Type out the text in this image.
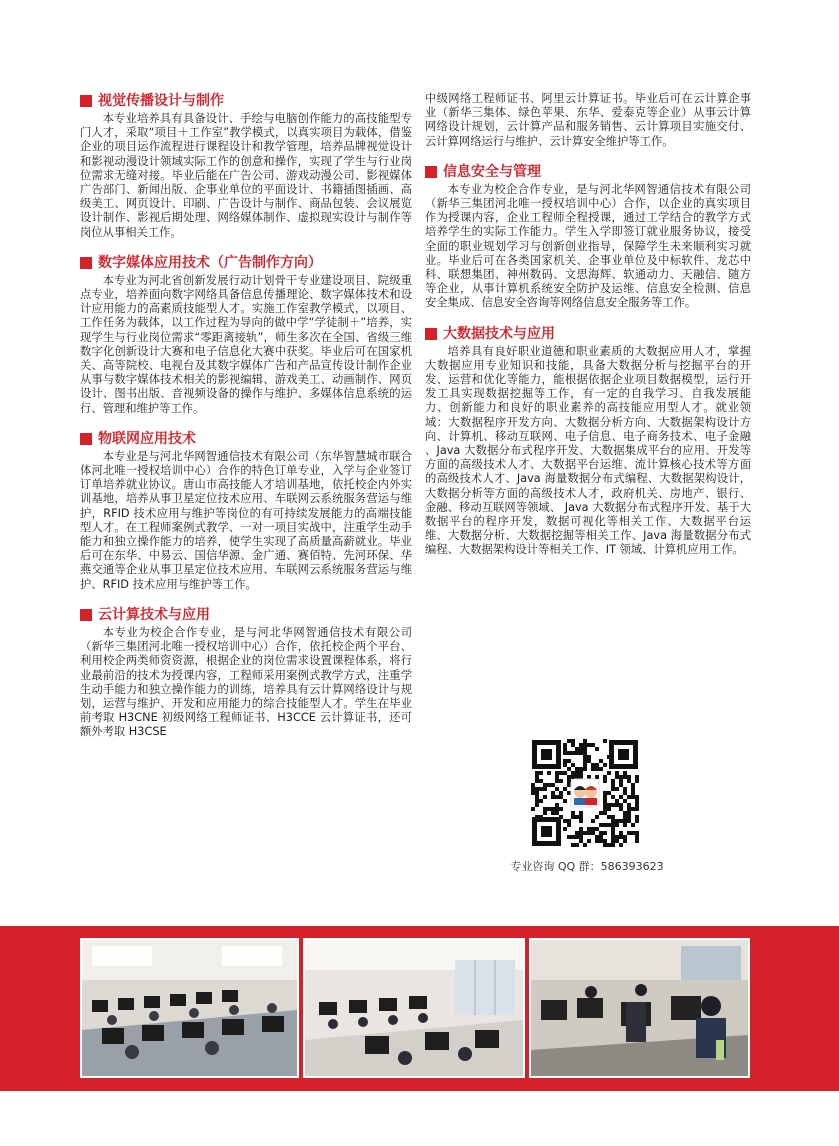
视觉传播设计与制作

本专业培养具有具备设计、手绘与电脑创作能力的高技能型专门人才，采取“项目＋工作室”教学模式，以真实项目为载体，借鉴企业的项目运作流程进行课程设计和教学管理，培养品牌视觉设计和影视动漫设计领域实际工作的创意和操作，实现了学生与行业岗位需求无缝对接。毕业后能在广告公司、游戏动漫公司、影视媒体广告部门、新闻出版、企事业单位的平面设计、书籍插图插画、高级美工、网页设计、印刷、广告设计与制作、商品包装、会议展览设计制作、影视后期处理、网络媒体制作、虚拟现实设计与制作等岗位从事相关工作。

数字媒体应用技术（广告制作方向）

本专业为河北省创新发展行动计划骨干专业建设项目、院级重点专业，培养面向数字网络具备信息传播理论、数字媒体技术和设计应用能力的高素质技能型人才。实施工作室教学模式，以项目、工作任务为载体，以工作过程为导向的做中学“学徒制＋”培养，实现学生与行业岗位需求“零距离接轨”，师生多次在全国、省级三维数字化创新设计大赛和电子信息化大赛中获奖。毕业后可在国家机关、高等院校、电视台及其数字媒体广告和产品宣传设计制作企业从事与数字媒体技术相关的影视编辑、游戏美工、动画制作、网页设计、图书出版、音视频设备的操作与维护、多媒体信息系统的运行、管理和维护等工作。

物联网应用技术

本专业是与河北华网智通信技术有限公司（东华智慧城市联合体河北唯一授权培训中心）合作的特色订单专业，入学与企业签订订单培养就业协议。唐山市高技能人才培训基地，依托校企内外实训基地，培养从事卫星定位技术应用、车联网云系统服务营运与维护，RFID 技术应用与维护等岗位的有可持续发展能力的高端技能型人才。在工程师案例式教学、一对一项目实战中，注重学生动手能力和独立操作能力的培养，使学生实现了高质量高薪就业。毕业后可在东华、中易云、国信华源、金广通、赛佰特、先河环保、华燕交通等企业从事卫星定位技术应用、车联网云系统服务营运与维护、RFID 技术应用与维护等工作。

云计算技术与应用

本专业为校企合作专业，是与河北华网智通信技术有限公司（新华三集团河北唯一授权培训中心）合作，依托校企两个平台、利用校企两类师资资源，根据企业的岗位需求设置课程体系，将行业最前沿的技术为授课内容，工程师采用案例式教学方式，注重学生动手能力和独立操作能力的训练，培养具有云计算网络设计与规划，运营与维护、开发和应用能力的综合技能型人才。学生在毕业前考取 H3CNE 初级网络工程师证书、H3CCE 云计算证书，还可额外考取 H3CSE

中级网络工程师证书、阿里云计算证书。毕业后可在云计算企事业（新华三集体、绿色苹果、东华、爱泰克等企业）从事云计算网络设计规划，云计算产品和服务销售、云计算项目实施交付、云计算网络运行与维护、云计算安全维护等工作。

信息安全与管理

本专业为校企合作专业，是与河北华网智通信技术有限公司（新华三集团河北唯一授权培训中心）合作，以企业的真实项目作为授课内容，企业工程师全程授课，通过工学结合的教学方式培养学生的实际工作能力。学生入学即签订就业服务协议，接受全面的职业规划学习与创新创业指导，保障学生未来顺利实习就业。毕业后可在各类国家机关、企事业单位及中标软件、龙芯中科、联想集团、神州数码、文思海辉、软通动力、天融信、随方等企业，从事计算机系统安全防护及运维、信息安全检测、信息安全集成、信息安全咨询等网络信息安全服务等工作。

大数据技术与应用

培养具有良好职业道德和职业素质的大数据应用人才，掌握大数据应用专业知识和技能，具备大数据分析与挖掘平台的开发、运营和优化等能力，能根据依据企业项目数据模型，运行开发工具实现数据挖掘等工作，有一定的自我学习、自我发展能力、创新能力和良好的职业素养的高技能应用型人才。就业领域：大数据程序开发方向、大数据分析方向、大数据架构设计方向、计算机、移动互联网、电子信息、电子商务技术、电子金融 、Java 大数据分布式程序开发、大数据集成平台的应用、开发等方面的高级技术人才、大数据平台运维、流计算核心技术等方面的高级技术人才、Java 海量数据分布式编程、大数据架构设计，大数据分析等方面的高级技术人才，政府机关、房地产、银行、金融、移动互联网等领域、 Java 大数据分布式程序开发、基于大数据平台的程序开发，数据可视化等相关工作、大数据平台运维、大数据分析、大数据挖掘等相关工作、Java 海量数据分布式编程、大数据架构设计等相关工作、IT 领域、计算机应用工作。

专业咨询 QQ 群：586393623
